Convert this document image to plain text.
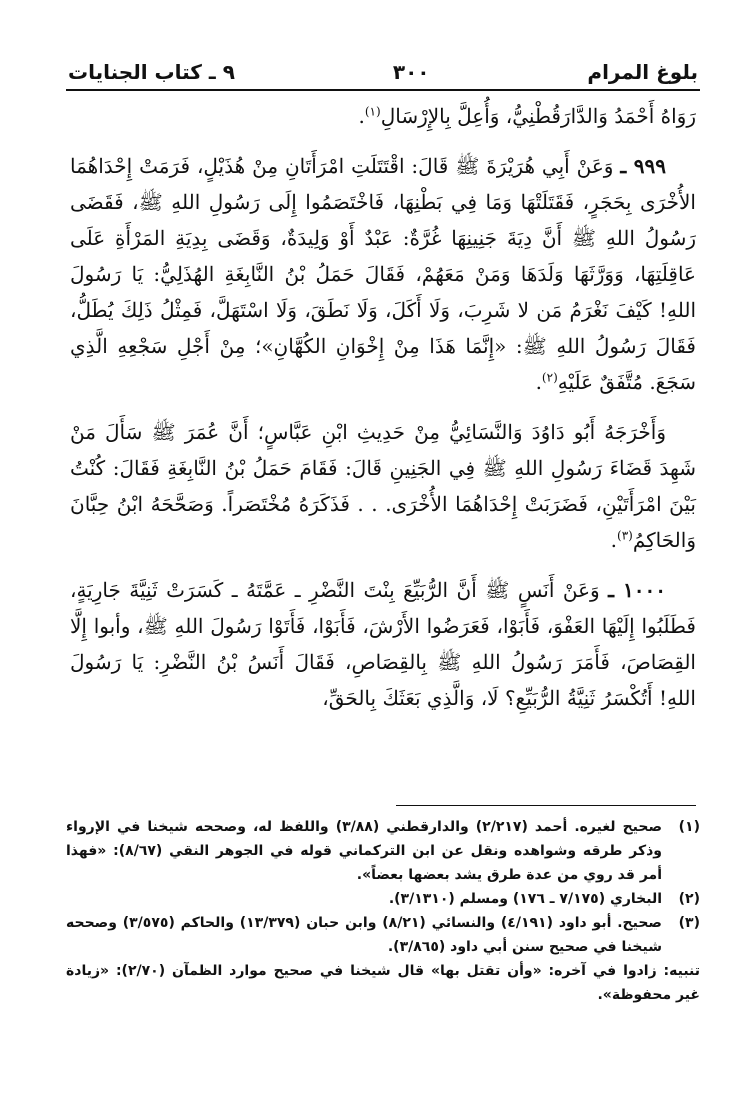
بلوغ المرام
٣٠٠
٩ ـ كتاب الجنايات

رَوَاهُ أَحْمَدُ وَالدَّارَقُطْنِيُّ، وَأُعِلَّ بِالإِرْسَالِ$^{(١)}$.

٩٩٩ ـ وَعَنْ أَبِي هُرَيْرَةَ ﷺ قَالَ: اقْتَتَلَتِ امْرَأَتَانِ مِنْ هُذَيْلٍ، فَرَمَتْ إِحْدَاهُمَا الأُخْرَى بِحَجَرٍ، فَقَتَلَتْهَا وَمَا فِي بَطْنِهَا، فَاخْتَصَمُوا إِلَى رَسُولِ اللهِ ﷺ، فَقَضَى رَسُولُ اللهِ ﷺ أَنَّ دِيَةَ جَنِينِهَا غُرَّةٌ: عَبْدٌ أَوْ وَلِيدَةٌ، وَقَضَى بِدِيَةِ المَرْأَةِ عَلَى عَاقِلَتِهَا، وَوَرَّثَهَا وَلَدَهَا وَمَنْ مَعَهُمْ، فَقَالَ حَمَلُ بْنُ النَّابِغَةِ الهُذَلِيُّ: يَا رَسُولَ اللهِ! كَيْفَ نَغْرَمُ مَن لا شَرِبَ، وَلَا أَكَلَ، وَلَا نَطَقَ، وَلَا اسْتَهَلَّ، فَمِثْلُ ذَلِكَ يُطَلُّ، فَقَالَ رَسُولُ اللهِ ﷺ: «إِنَّمَا هَذَا مِنْ إِخْوَانِ الكُهَّانِ»؛ مِنْ أَجْلِ سَجْعِهِ الَّذِي سَجَعَ. مُتَّفَقٌ عَلَيْهِ$^{(٢)}$.

وَأَخْرَجَهُ أَبُو دَاوُدَ وَالنَّسَائِيُّ مِنْ حَدِيثِ ابْنِ عَبَّاسٍ؛ أَنَّ عُمَرَ ﷺ سَأَلَ مَنْ شَهِدَ قَضَاءَ رَسُولِ اللهِ ﷺ فِي الجَنِينِ قَالَ: فَقَامَ حَمَلُ بْنُ النَّابِغَةِ فَقَالَ: كُنْتُ بَيْنَ امْرَأَتَيْنِ، فَضَرَبَتْ إِحْدَاهُمَا الأُخْرَى. . . فَذَكَرَهُ مُخْتَصَراً. وَصَحَّحَهُ ابْنُ حِبَّانَ وَالحَاكِمُ$^{(٣)}$.

١٠٠٠ ـ وَعَنْ أَنَسٍ ﷺ أَنَّ الرُّبَيِّعَ بِنْتَ النَّضْرِ ـ عَمَّتَهُ ـ كَسَرَتْ ثَنِيَّةَ جَارِيَةٍ، فَطَلَبُوا إِلَيْهَا العَفْوَ، فَأَبَوْا، فَعَرَضُوا الأَرْشَ، فَأَبَوْا، فَأَتَوْا رَسُولَ اللهِ ﷺ، وأبوا إِلَّا القِصَاصَ، فَأَمَرَ رَسُولُ اللهِ ﷺ بِالقِصَاصِ، فَقَالَ أَنَسُ بْنُ النَّضْرِ: يَا رَسُولَ اللهِ! أَتُكْسَرُ ثَنِيَّةُ الرُّبَيِّعِ؟ لَا، وَالَّذِي بَعَثَكَ بِالحَقِّ،

(١)
صحيح لغيره. أحمد (٢/٢١٧) والدارقطني (٣/٨٨) واللفظ له، وصححه شيخنا في الإرواء وذكر طرقه وشواهده ونقل عن ابن التركماني قوله في الجوهر النقي (٨/٦٧): «فهذا أمر قد روي من عدة طرق يشد بعضها بعضاً».
(٢)
البخاري (٧/١٧٥ ـ ١٧٦) ومسلم (٣/١٣١٠).
(٣)
صحيح. أبو داود (٤/١٩١) والنسائي (٨/٢١) وابن حبان (١٣/٣٧٩) والحاكم (٣/٥٧٥) وصححه شيخنا في صحيح سنن أبي داود (٣/٨٦٥).

تنبيه: زادوا في آخره: «وأن تقتل بها» قال شيخنا في صحيح موارد الظمآن (٢/٧٠): «زيادة غير محفوظة».
